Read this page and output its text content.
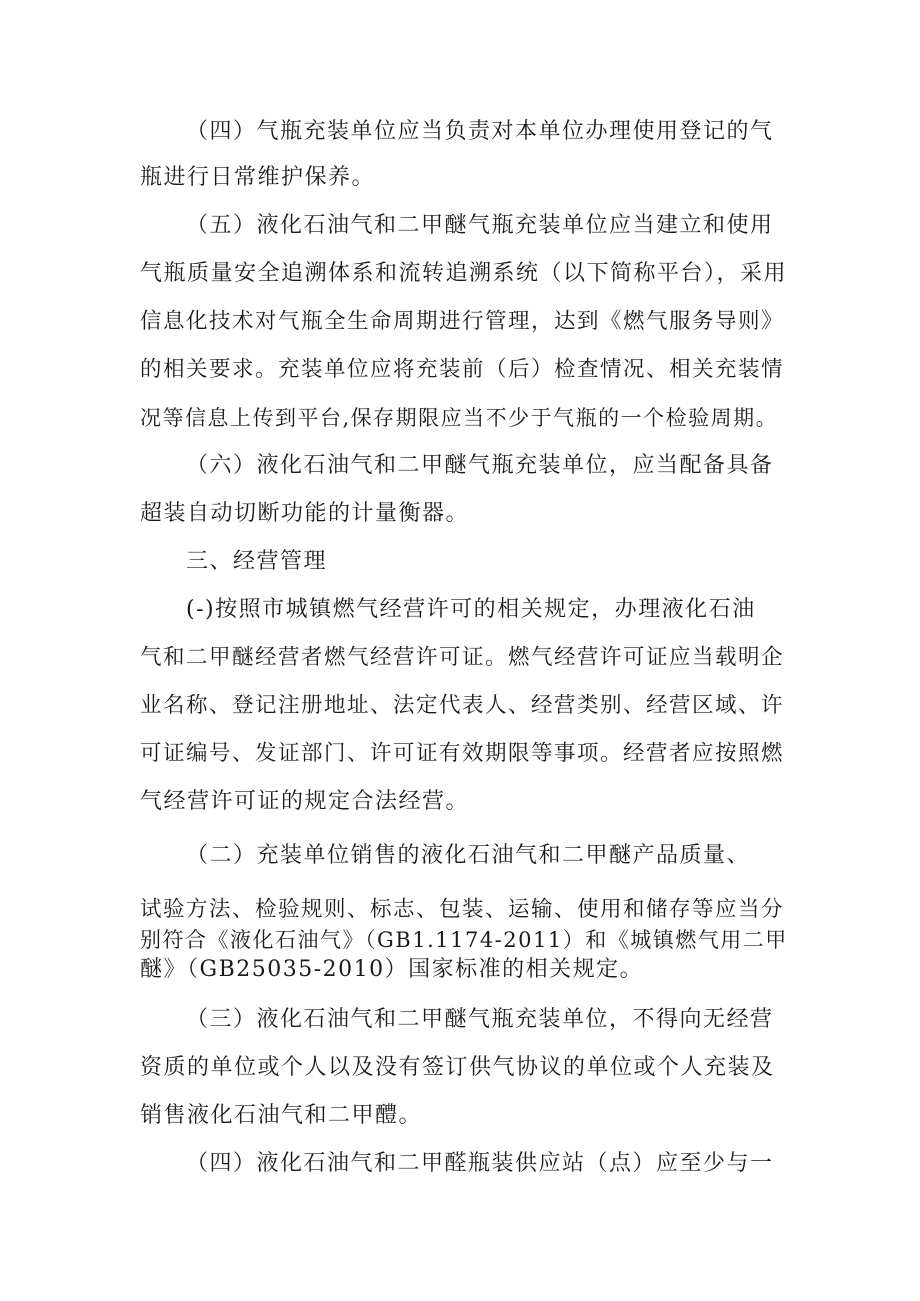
（四）气瓶充装单位应当负责对本单位办理使用登记的气
瓶进行日常维护保养。
（五）液化石油气和二甲醚气瓶充装单位应当建立和使用
气瓶质量安全追溯体系和流转追溯系统（以下简称平台），采用
信息化技术对气瓶全生命周期进行管理，达到《燃气服务导则》
的相关要求。充装单位应将充装前（后）检查情况、相关充装情
况等信息上传到平台,保存期限应当不少于气瓶的一个检验周期。
（六）液化石油气和二甲醚气瓶充装单位，应当配备具备
超装自动切断功能的计量衡器。
三、经营管理
(-)按照市城镇燃气经营许可的相关规定，办理液化石油
气和二甲醚经营者燃气经营许可证。燃气经营许可证应当载明企
业名称、登记注册地址、法定代表人、经营类别、经营区域、许
可证编号、发证部门、许可证有效期限等事项。经营者应按照燃
气经营许可证的规定合法经营。
（二）充装单位销售的液化石油气和二甲醚产品质量、
试验方法、检验规则、标志、包装、运输、使用和储存等应当分
别符合《液化石油气》（GB1.1174-2011）和《城镇燃气用二甲
醚》（GB25035-2010）国家标准的相关规定。
（三）液化石油气和二甲醚气瓶充装单位，不得向无经营
资质的单位或个人以及没有签订供气协议的单位或个人充装及
销售液化石油气和二甲醴。
（四）液化石油气和二甲醛瓶装供应站（点）应至少与一
